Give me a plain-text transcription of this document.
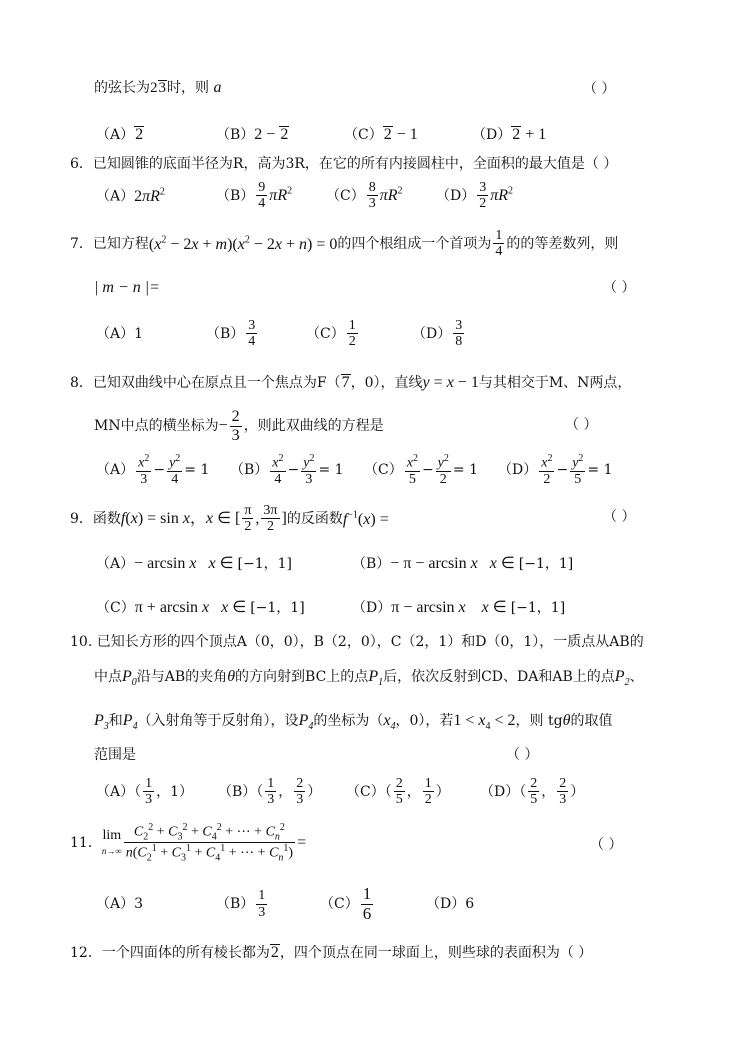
的弦长为23时，则 a	（ ）
（A）2	（B）2 − 2	（C）2 − 1	（D）2 + 1
6．已知圆锥的底面半径为R，高为3R，在它的所有内接圆柱中，全面积的最大值是（ ）
$(A)2\pi R^2$	$(B) \frac{9}{4} \pi R^2$ $(C) \frac{8}{3} \pi R^2$ $(D) \frac{3}{2} \pi R^2$
7．已知方程$(x^2 - 2x + m)(x^2 - 2x + n) = 0$的四个根组成一个首项为 $\frac{1}{4}$ 的的等差数列，则
| m − n |=	（ ）
（A）1	$(B) \frac{3}{4}$	$(C) \frac{1}{2}$	$(D) \frac{3}{8}$
8．已知双曲线中心在原点且一个焦点为F（7，0），直线y = x − 1与其相交于M、N两点，
MN中点的横坐标为− $\frac{2}{3}$ ，则此双曲线的方程是	（ ）
$(A) \frac{x^2}{3} - \frac{y^2}{4} = 1$ $(B) \frac{x^2}{4} - \frac{y^2}{3} = 1$ $(C) \frac{x^2}{5} - \frac{y^2}{2} = 1$ $(D) \frac{x^2}{2} - \frac{y^2}{5} = 1$
9．函数f(x) = sin x，x ∈ [ $\frac{\pi}{2}$ , $\frac{3\pi}{2}$ ]的反函数$f^{-1}(x)$ =	（ ）
（A）− arcsin x x ∈ [−1，1]	（B）− π − arcsin x x ∈ [−1，1]
（C）π + arcsin x x ∈ [−1，1]	（D）π − arcsin x x ∈ [−1，1]
10. 已知长方形的四个顶点A（0，0），B（2，0），C（2，1）和D（0，1），一质点从AB的
中点$P_0$沿与AB的夹角θ的方向射到BC上的点$P_1$后，依次反射到CD、DA和AB上的点$P_2$、
$P_3$和$P_4$（入射角等于反射角），设$P_4$的坐标为（$x_4$，0），若$1 < x_4 < 2$，则 tgθ的取值
范围是	（ ）
$(A)( \frac{1}{3}$ ，1） $(B)( \frac{1}{3}$ ， $\frac{2}{3}$ ） $(C)( \frac{2}{5}$ ， $\frac{1}{2}$ ） $(D)( \frac{2}{5}$ ， $\frac{2}{3}$ ）
11．lim
$n\to\infty \frac{C_2^2 + C_3^2 + C_4^2 + \cdots + C_n^2}{n(C_2^1 + C_3^1 + C_4^1 + \cdots + C_n^1)}$ =	（ ）
（A）3	$(B) \frac{1}{3}$	$(C) \frac{1}{6}$	（D）6
12．一个四面体的所有棱长都为2，四个顶点在同一球面上，则些球的表面积为（ ）
